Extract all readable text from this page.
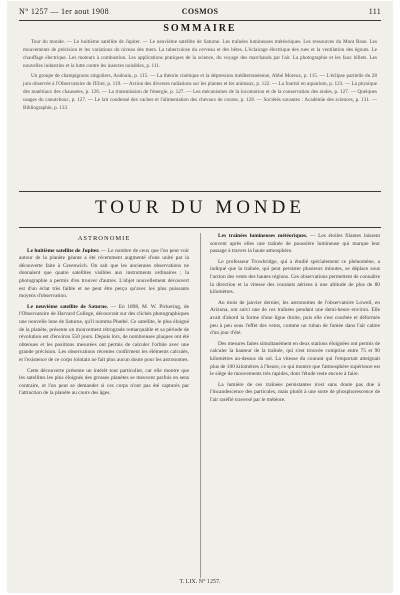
N° 1257 — 1er aout 1908	COSMOS	111
SOMMAIRE

Tour du monde. — Le huitième satellite de Jupiter. — Le neuvième satellite de Saturne. Les traînées lumineuses météoriques. Les ressources du Mont Rose. Les mouvements de précision et les variations du niveau des mers. La tuberculose du cerveau et des bêtes. L'éclairage électrique des rues et la ventilation des égouts. Le chauffage électrique. Les moteurs à combustion. Les applications pratiques de la science, du voyage des marchands par l'air. La photographie et les faux billets. Les nouvelles industries et la lutte contre les insectes nuisibles, p. 111.

Un groupe de champignons singuliers, Audouin, p. 115. — La théorie cinétique et la dépression méditerranéenne, Abbé Moreux, p. 115. — L'éclipse partielle du 28 juin observée à l'Observatoire de l'Ebre, p. 119. — Action des diverses radiations sur les plantes et les animaux, p. 122. — La fourmi en aquarium, p. 123. — La physique des matériaux des chaussées, p. 126. — La transmission de l'énergie, p. 127. — Les mécanismes de la locomotion et de la conservation des ondes, p. 127. — Quelques usages du caoutchouc, p. 127. — Le lait condensé des vaches et l'alimentation des chevaux de course, p. 128. — Sociétés savantes : Académie des sciences, p. 131. — Bibliographie, p. 133.

TOUR DU MONDE
ASTRONOMIE

Le huitième satellite de Jupiter. — Le nombre de ceux que l'on peut voir autour de la planète géante a été récemment augmenté d'une unité par la découverte faite à Greenwich. On sait que les anciennes observations ne donnaient que quatre satellites visibles aux instruments ordinaires ; la photographie a permis d'en trouver d'autres. L'objet nouvellement découvert est d'un éclat très faible et ne peut être perçu qu'avec les plus puissants moyens d'observation.

Le neuvième satellite de Saturne. — En 1898, M. W. Pickering, de l'Observatoire de Harvard College, découvrait sur des clichés photographiques une nouvelle lune de Saturne, qu'il nomma Phœbé. Ce satellite, le plus éloigné de la planète, présente un mouvement rétrograde remarquable et sa période de révolution est d'environ 550 jours. Depuis lors, de nombreuses plaques ont été obtenues et les positions mesurées ont permis de calculer l'orbite avec une grande précision. Les observations récentes confirment les éléments calculés, et l'existence de ce corps lointain ne fait plus aucun doute pour les astronomes.

Cette découverte présente un intérêt tout particulier, car elle montre que les satellites les plus éloignés des grosses planètes se meuvent parfois en sens contraire, et l'on peut se demander si ces corps n'ont pas été capturés par l'attraction de la planète au cours des âges.

Les traînées lumineuses météoriques. — Les étoiles filantes laissent souvent après elles une traînée de poussière lumineuse qui marque leur passage à travers la haute atmosphère.

Le professeur Trowbridge, qui a étudié spécialement ce phénomène, a indiqué que la traînée, qui peut persister plusieurs minutes, se déplace sous l'action des vents des hautes régions. Ces observations permettent de connaître la direction et la vitesse des courants aériens à une altitude de plus de 80 kilomètres.

Au mois de janvier dernier, les astronomes de l'observatoire Lowell, en Arizona, ont suivi une de ces traînées pendant une demi-heure environ. Elle avait d'abord la forme d'une ligne droite, puis elle s'est courbée et déformée peu à peu sous l'effet des vents, comme un ruban de fumée dans l'air calme d'un jour d'été.

Des mesures faites simultanément en deux stations éloignées ont permis de calculer la hauteur de la traînée, qui s'est trouvée comprise entre 75 et 90 kilomètres au-dessus du sol. La vitesse du courant qui l'emportait atteignait plus de 100 kilomètres à l'heure, ce qui montre que l'atmosphère supérieure est le siège de mouvements très rapides, dont l'étude reste encore à faire.

La lumière de ces traînées persistantes n'est sans doute pas due à l'incandescence des particules, mais plutôt à une sorte de phosphorescence de l'air raréfié traversé par le météore.

T. LIX. N° 1257.
